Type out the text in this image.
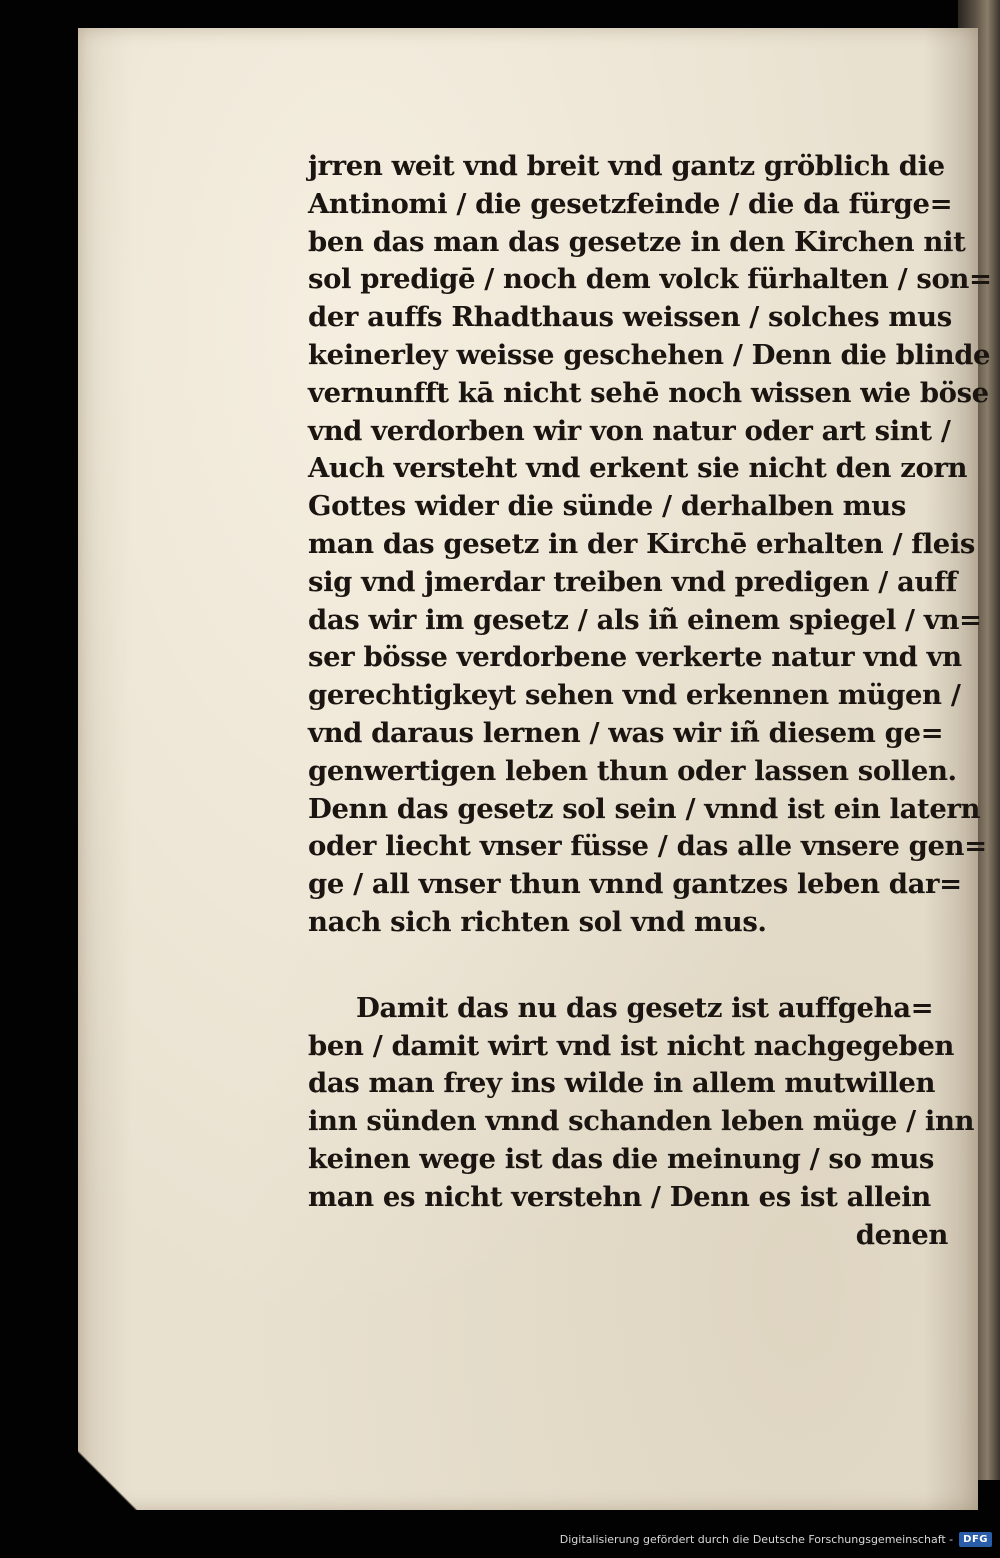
jrren weit vnd breit vnd gantz gröblich die
Antinomi / die gesetzfeinde / die da fürge=
ben das man das gesetze in den Kirchen nit
sol predigē / noch dem volck fürhalten / son=
der auffs Rhadthaus weissen / solches mus
keinerley weisse geschehen / Denn die blinde
vernunfft kā nicht sehē noch wissen wie böse
vnd verdorben wir von natur oder art sint /
Auch versteht vnd erkent sie nicht den zorn
Gottes wider die sünde / derhalben mus
man das gesetz in der Kirchē erhalten / fleis
sig vnd jmerdar treiben vnd predigen / auff
das wir im gesetz / als iñ einem spiegel / vn=
ser bösse verdorbene verkerte natur vnd vn
gerechtigkeyt sehen vnd erkennen mügen /
vnd daraus lernen / was wir iñ diesem ge=
genwertigen leben thun oder lassen sollen.
Denn das gesetz sol sein / vnnd ist ein latern
oder liecht vnser füsse / das alle vnsere gen=
ge / all vnser thun vnnd gantzes leben dar=
nach sich richten sol vnd mus.
Damit das nu das gesetz ist auffgeha=
ben / damit wirt vnd ist nicht nachgegeben
das man frey ins wilde in allem mutwillen
inn sünden vnnd schanden leben müge / inn
keinen wege ist das die meinung / so mus
man es nicht verstehn / Denn es ist allein
denen
Digitalisierung gefördert durch die Deutsche Forschungsgemeinschaft -	DFG
